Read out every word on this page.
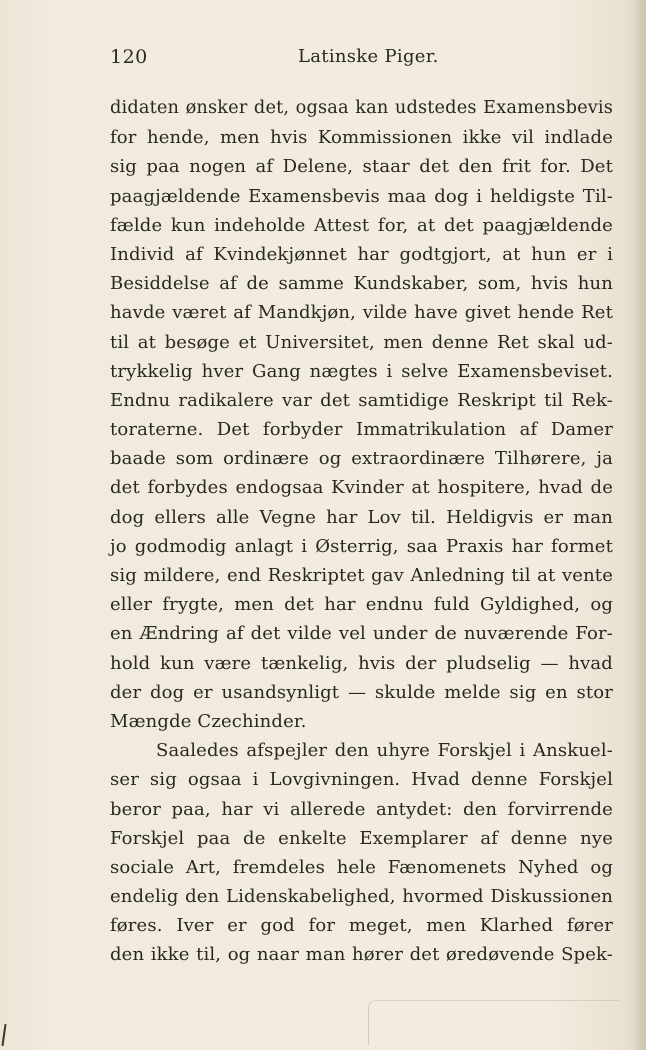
120	Latinske Piger.
didaten ønsker det, ogsaa kan udstedes Examensbevis
for hende, men hvis Kommissionen ikke vil indlade
sig paa nogen af Delene, staar det den frit for. Det
paagjældende Examensbevis maa dog i heldigste Til-
fælde kun indeholde Attest for, at det paagjældende
Individ af Kvindekjønnet har godtgjort, at hun er i
Besiddelse af de samme Kundskaber, som, hvis hun
havde været af Mandkjøn, vilde have givet hende Ret
til at besøge et Universitet, men denne Ret skal ud-
trykkelig hver Gang nægtes i selve Examensbeviset.
Endnu radikalere var det samtidige Reskript til Rek-
toraterne. Det forbyder Immatrikulation af Damer
baade som ordinære og extraordinære Tilhørere, ja
det forbydes endogsaa Kvinder at hospitere, hvad de
dog ellers alle Vegne har Lov til. Heldigvis er man
jo godmodig anlagt i Østerrig, saa Praxis har formet
sig mildere, end Reskriptet gav Anledning til at vente
eller frygte, men det har endnu fuld Gyldighed, og
en Ændring af det vilde vel under de nuværende For-
hold kun være tænkelig, hvis der pludselig — hvad
der dog er usandsynligt — skulde melde sig en stor
Mængde Czechinder.
Saaledes afspejler den uhyre Forskjel i Anskuel-
ser sig ogsaa i Lovgivningen. Hvad denne Forskjel
beror paa, har vi allerede antydet: den forvirrende
Forskjel paa de enkelte Exemplarer af denne nye
sociale Art, fremdeles hele Fænomenets Nyhed og
endelig den Lidenskabelighed, hvormed Diskussionen
føres. Iver er god for meget, men Klarhed fører
den ikke til, og naar man hører det øredøvende Spek-
